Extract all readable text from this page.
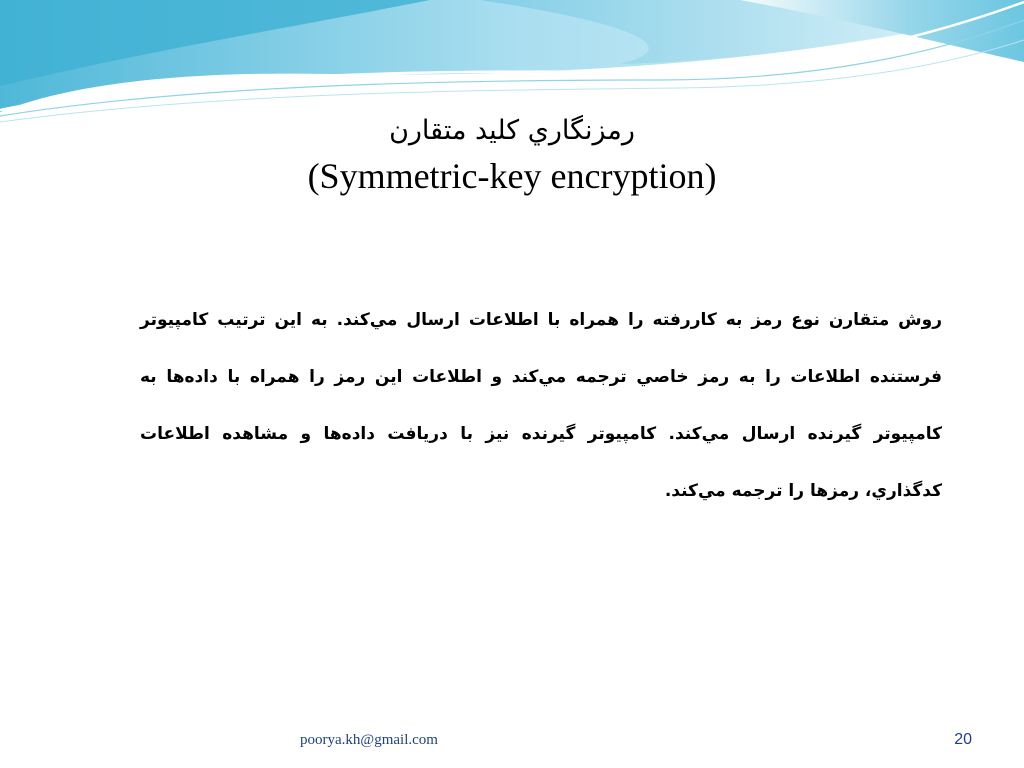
رمزنگاري كليد متقارن
(Symmetric-key encryption)
روش متقارن نوع رمز به كاررفته را همراه با اطلاعات ارسال مي‌كند. به اين ترتيب كامپيوتر فرستنده اطلاعات را به رمز خاصي ترجمه مي‌كند و اطلاعات اين رمز را همراه با داده‌ها به كامپيوتر گيرنده ارسال مي‌كند. كامپيوتر گيرنده نيز با دريافت داده‌ها و مشاهده اطلاعات كدگذاري، رمزها را ترجمه مي‌كند.
poorya.kh@gmail.com	20
